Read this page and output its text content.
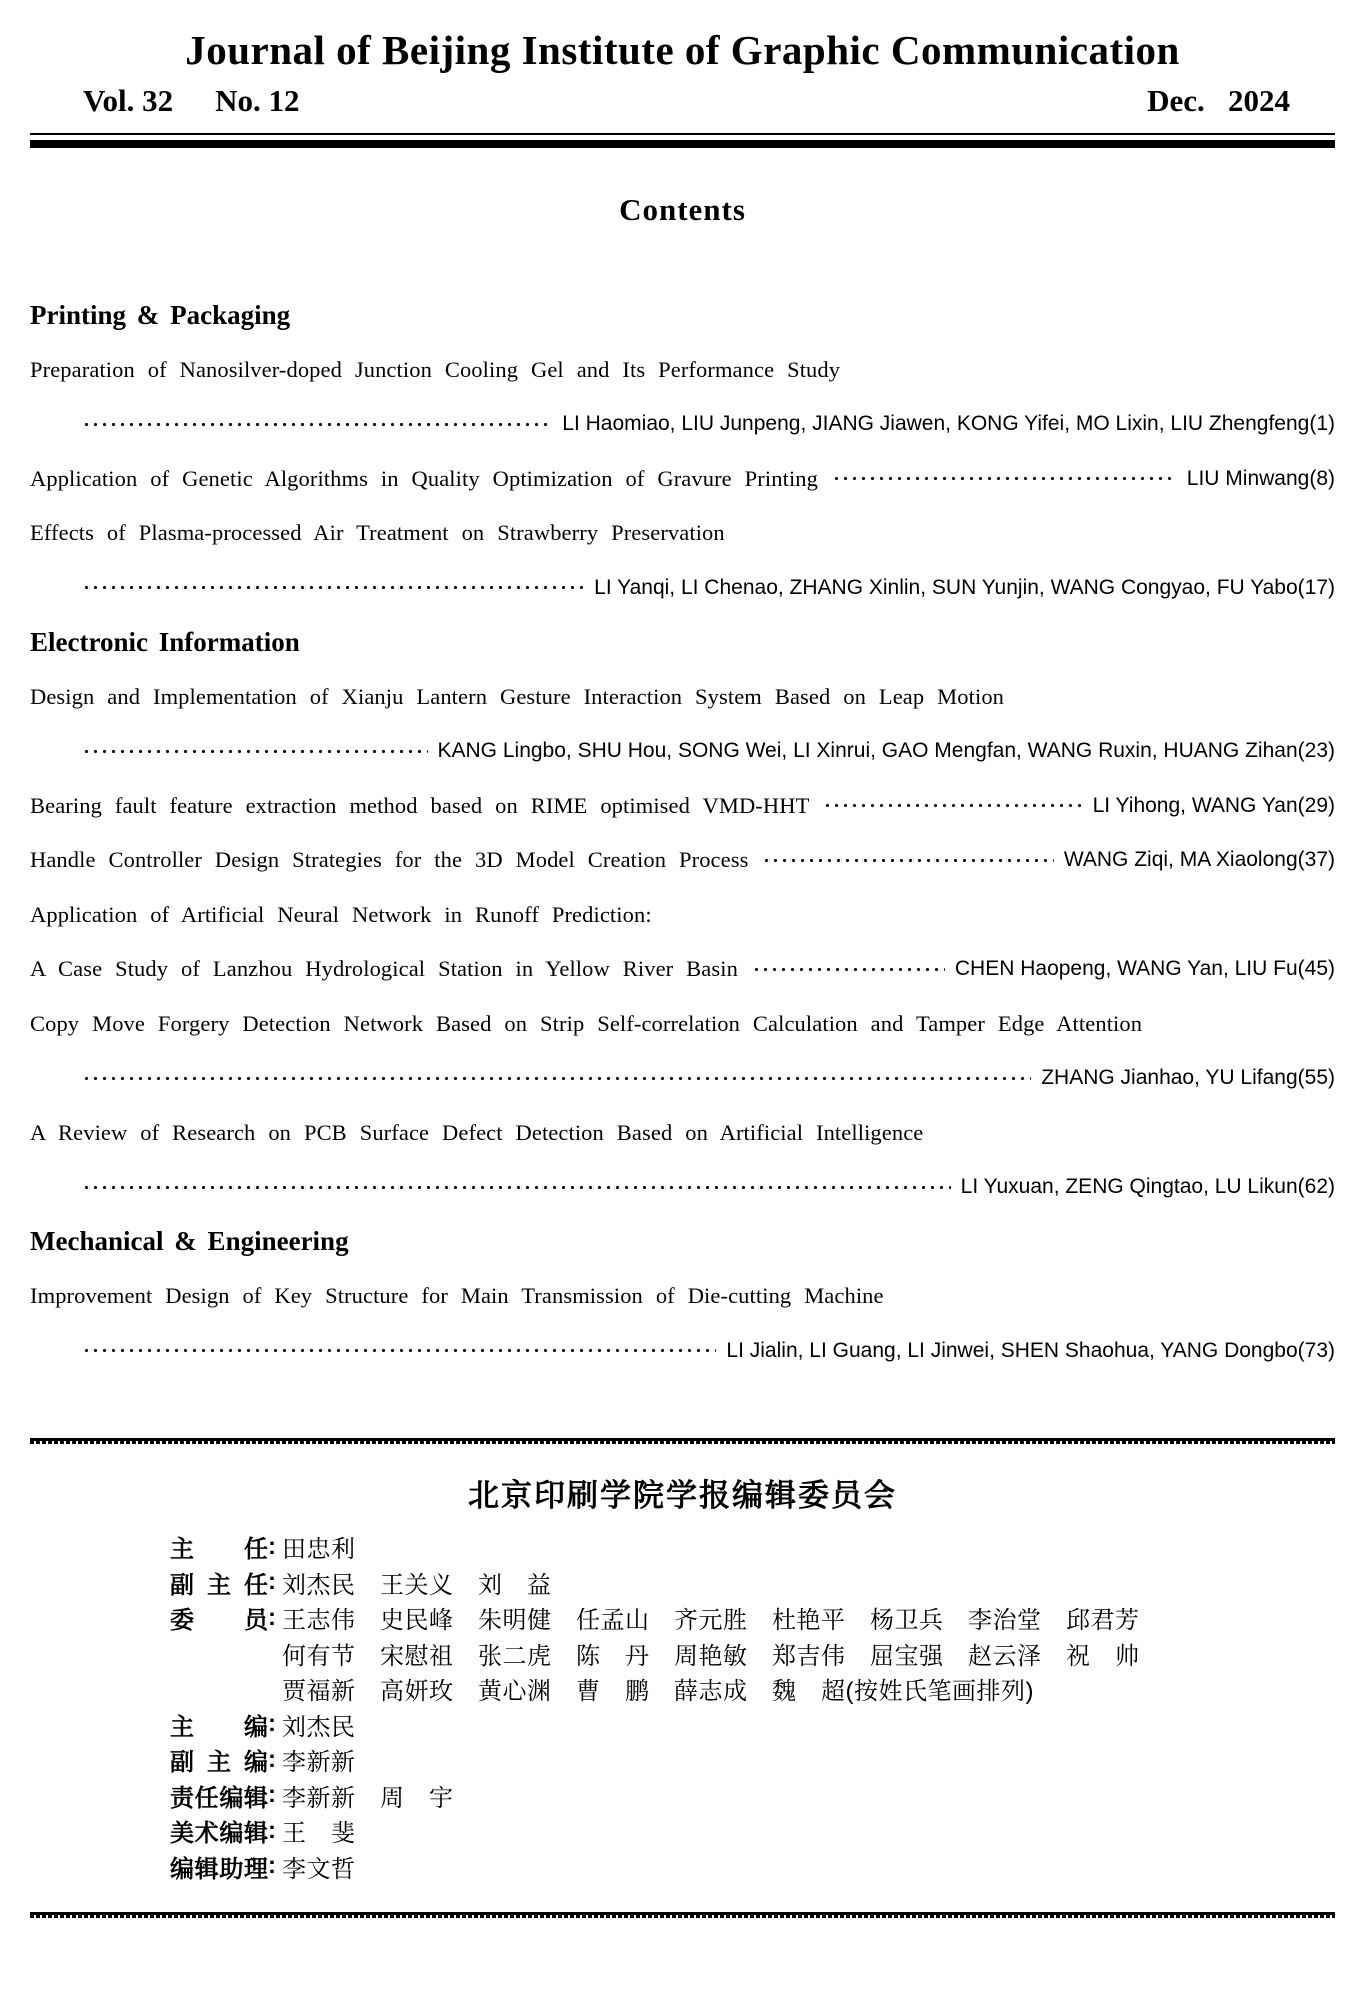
Journal of Beijing Institute of Graphic Communication
Vol. 32 No. 12	Dec. 2024
Contents
Printing & Packaging
Preparation of Nanosilver-doped Junction Cooling Gel and Its Performance Study
LI Haomiao, LIU Junpeng, JIANG Jiawen, KONG Yifei, MO Lixin, LIU Zhengfeng(1)
Application of Genetic Algorithms in Quality Optimization of Gravure Printing	LIU Minwang(8)
Effects of Plasma-processed Air Treatment on Strawberry Preservation
LI Yanqi, LI Chenao, ZHANG Xinlin, SUN Yunjin, WANG Congyao, FU Yabo(17)
Electronic Information
Design and Implementation of Xianju Lantern Gesture Interaction System Based on Leap Motion
KANG Lingbo, SHU Hou, SONG Wei, LI Xinrui, GAO Mengfan, WANG Ruxin, HUANG Zihan(23)
Bearing fault feature extraction method based on RIME optimised VMD-HHT	LI Yihong, WANG Yan(29)
Handle Controller Design Strategies for the 3D Model Creation Process	WANG Ziqi, MA Xiaolong(37)
Application of Artificial Neural Network in Runoff Prediction:
A Case Study of Lanzhou Hydrological Station in Yellow River Basin	CHEN Haopeng, WANG Yan, LIU Fu(45)
Copy Move Forgery Detection Network Based on Strip Self-correlation Calculation and Tamper Edge Attention
ZHANG Jianhao, YU Lifang(55)
A Review of Research on PCB Surface Defect Detection Based on Artificial Intelligence
LI Yuxuan, ZENG Qingtao, LU Likun(62)
Mechanical & Engineering
Improvement Design of Key Structure for Main Transmission of Die-cutting Machine
LI Jialin, LI Guang, LI Jinwei, SHEN Shaohua, YANG Dongbo(73)
北京印刷学院学报编辑委员会
主任 : 田忠利
副主任 : 刘杰民　王关义　刘　益
委员 : 王志伟　史民峰　朱明健　任孟山　齐元胜　杜艳平　杨卫兵　李治堂　邱君芳
何有节　宋慰祖　张二虎　陈　丹　周艳敏　郑吉伟　屈宝强　赵云泽　祝　帅
贾福新　高妍玫　黄心渊　曹　鹏　薛志成　魏　超(按姓氏笔画排列)
主编 : 刘杰民
副主编 : 李新新
责任编辑 : 李新新　周　宇
美术编辑 : 王　斐
编辑助理 : 李文哲
